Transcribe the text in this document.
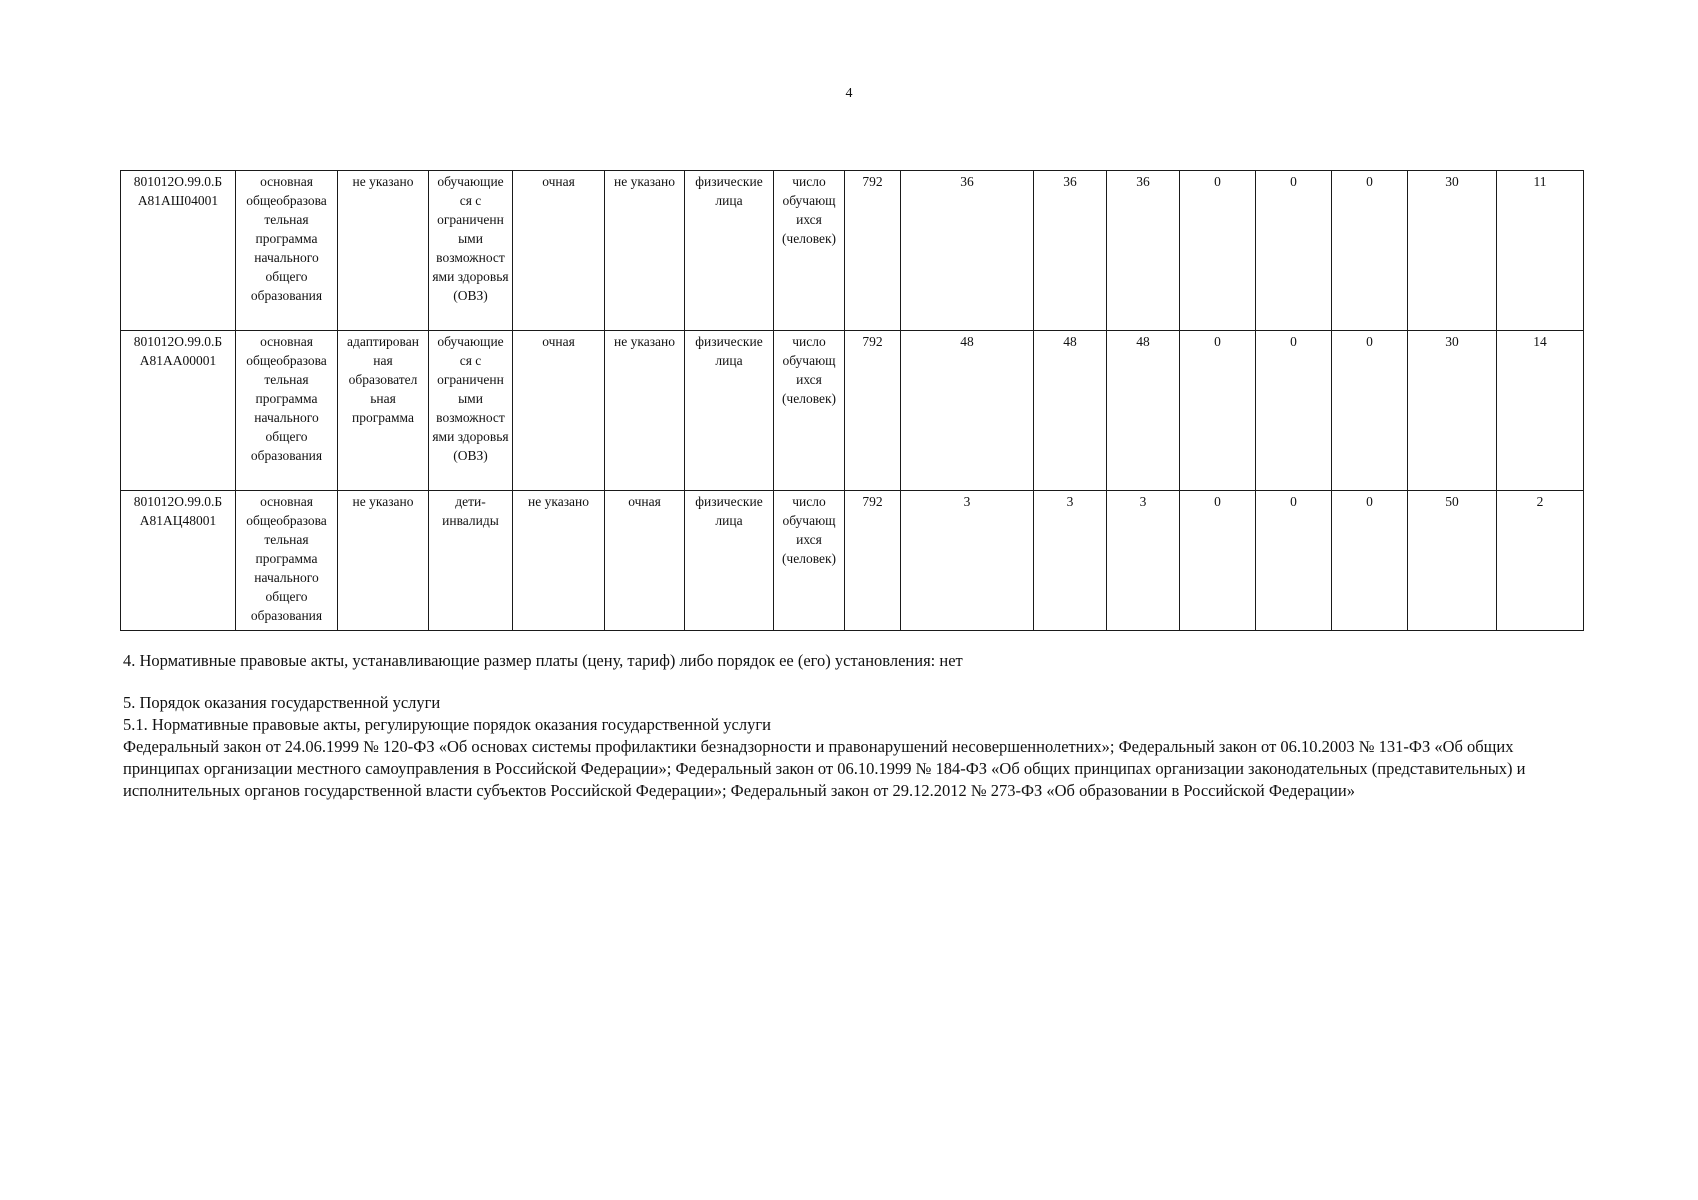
4
801012О.99.0.Б А81АШ04001	основная общеобразова тельная программа начального общего образования	не указано	обучающие ся с ограниченн ыми возможност ями здоровья (ОВЗ)	очная	не указано	физические лица	число обучающ ихся (человек)	792	36	36	36	0	0	0	30	11
801012О.99.0.Б А81АА00001	основная общеобразова тельная программа начального общего образования	адаптирован ная образовател ьная программа	обучающие ся с ограниченн ыми возможност ями здоровья (ОВЗ)	очная	не указано	физические лица	число обучающ ихся (человек)	792	48	48	48	0	0	0	30	14
801012О.99.0.Б А81АЦ48001	основная общеобразова тельная программа начального общего образования	не указано	дети-инвалиды	не указано	очная	физические лица	число обучающ ихся (человек)	792	3	3	3	0	0	0	50	2
4. Нормативные правовые акты, устанавливающие размер платы (цену, тариф) либо порядок ее (его) установления: нет
5. Порядок оказания государственной услуги
5.1. Нормативные правовые акты, регулирующие порядок оказания государственной услуги
Федеральный закон от 24.06.1999 № 120-ФЗ «Об основах системы профилактики безнадзорности и правонарушений несовершеннолетних»; Федеральный закон от 06.10.2003 № 131-ФЗ «Об общих принципах организации местного самоуправления в Российской Федерации»; Федеральный закон от 06.10.1999 № 184-ФЗ «Об общих принципах организации законодательных (представительных) и исполнительных органов государственной власти субъектов Российской Федерации»; Федеральный закон от 29.12.2012 № 273-ФЗ «Об образовании в Российской Федерации»
